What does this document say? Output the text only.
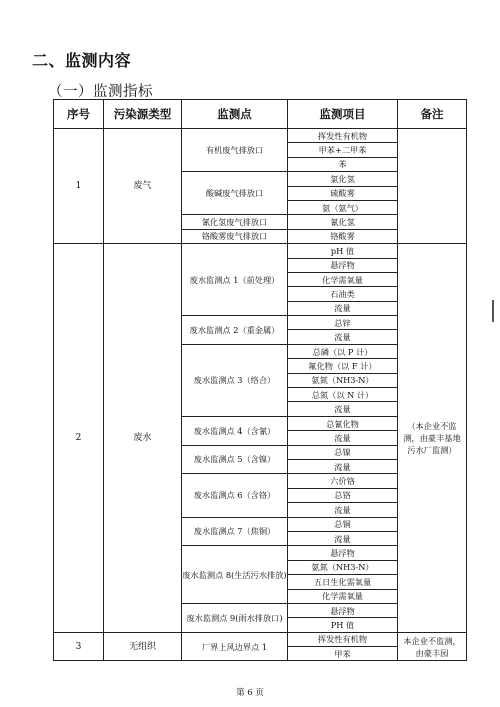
二、监测内容
（一）监测指标
序号	污染源类型	监测点	监测项目	备注
1	废气	有机废气排放口	挥发性有机物	
			甲苯+二甲苯	
			苯	
		酸碱废气排放口	氯化氢	
			硫酸雾	
			氨（氨气）	
		氰化氢废气排放口	氰化氢	
		铬酸雾废气排放口	铬酸雾	
2	废水	废水监测点 1（前处理）	pH 值	（本企业不监测，由豪丰基地污水厂监测）
			悬浮物	
			化学需氧量	
			石油类	
			流量	
		废水监测点 2（重金属）	总锌	
			流量	
		废水监测点 3（络合）	总磷（以 P 计）	
			氟化物（以 F 计）	
			氨氮（NH3-N）	
			总氮（以 N 计）	
			流量	
		废水监测点 4（含氰）	总氰化物	
			流量	
		废水监测点 5（含镍）	总镍	
			流量	
		废水监测点 6（含铬）	六价铬	
			总铬	
			流量	
		废水监测点 7（焦铜）	总铜	
			流量	
		废水监测点 8(生活污水排放)	悬浮物	
			氨氮（NH3-N）	
			五日生化需氧量	
			化学需氧量	
		废水监测点 9(雨水排放口)	悬浮物	
			PH 值	
3	无组织	厂界上风边界点 1	挥发性有机物	本企业不监测，由豪丰园
			甲苯	
第 6 页
